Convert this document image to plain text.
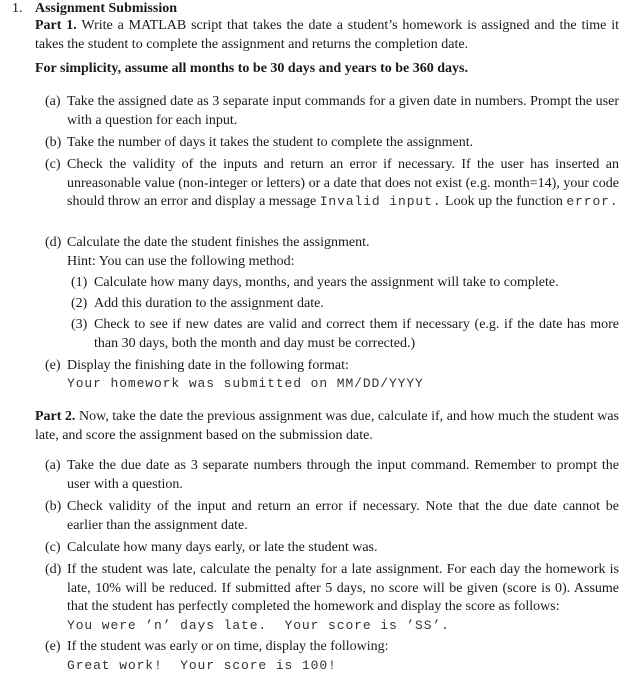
1. Assignment Submission
Part 1. Write a MATLAB script that takes the date a student’s homework is assigned and the time it takes the student to complete the assignment and returns the completion date.
For simplicity, assume all months to be 30 days and years to be 360 days.
(a) Take the assigned date as 3 separate input commands for a given date in numbers. Prompt the user with a question for each input.
(b) Take the number of days it takes the student to complete the assignment.
(c) Check the validity of the inputs and return an error if necessary. If the user has inserted an unreasonable value (non-integer or letters) or a date that does not exist (e.g. month=14), your code should throw an error and display a message Invalid input. Look up the function error.
(d) Calculate the date the student finishes the assignment.
Hint: You can use the following method:
(1) Calculate how many days, months, and years the assignment will take to complete.
(2) Add this duration to the assignment date.
(3) Check to see if new dates are valid and correct them if necessary (e.g. if the date has more than 30 days, both the month and day must be corrected.)
(e) Display the finishing date in the following format:
Your homework was submitted on MM/DD/YYYY
Part 2. Now, take the date the previous assignment was due, calculate if, and how much the student was late, and score the assignment based on the submission date.
(a) Take the due date as 3 separate numbers through the input command. Remember to prompt the user with a question.
(b) Check validity of the input and return an error if necessary. Note that the due date cannot be earlier than the assignment date.
(c) Calculate how many days early, or late the student was.
(d) If the student was late, calculate the penalty for a late assignment. For each day the homework is late, 10% will be reduced. If submitted after 5 days, no score will be given (score is 0). Assume that the student has perfectly completed the homework and display the score as follows:
You were ’n’ days late.  Your score is ’SS’.
(e) If the student was early or on time, display the following:
Great work!  Your score is 100!
